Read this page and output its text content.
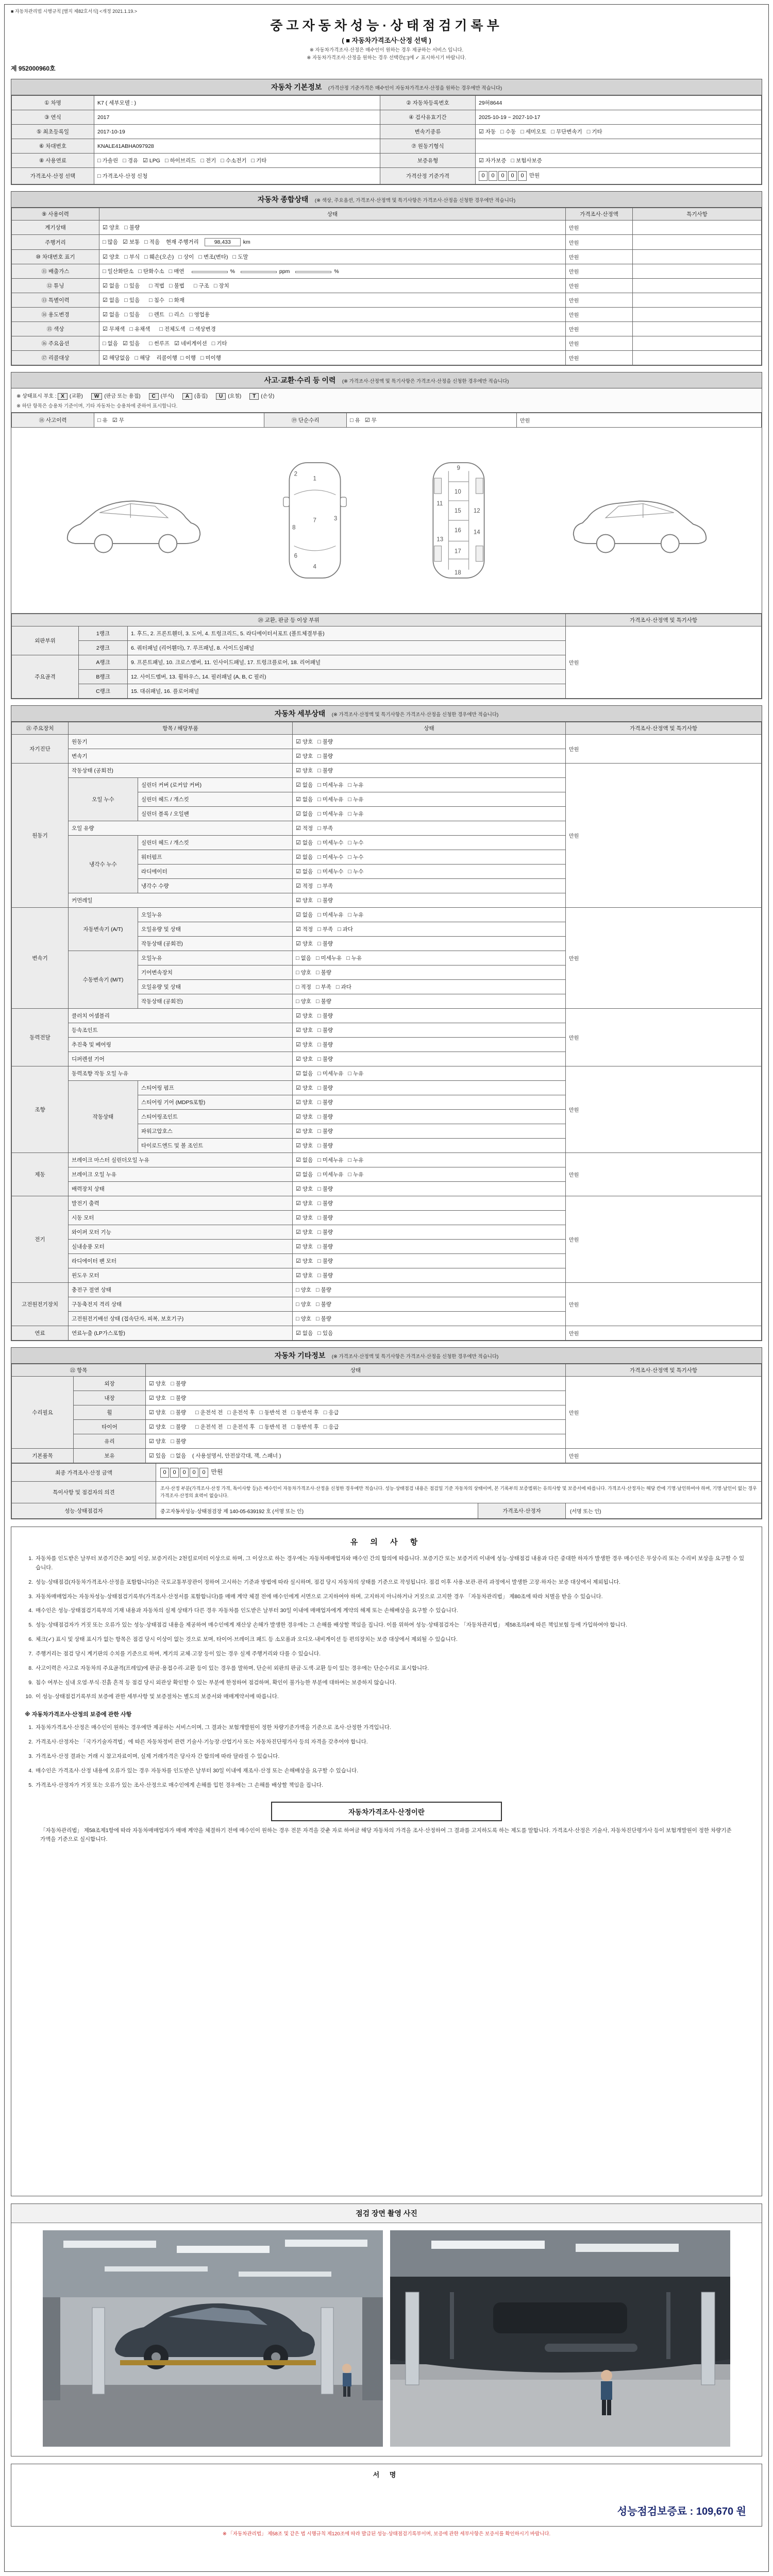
■ 자동차관리법 시행규칙 [별지 제82호서식] <개정 2021.1.19.>
중고자동차성능·상태점검기록부
( ■ 자동차가격조사·산정 선택 )
※ 자동차가격조사·산정은 매수인이 원하는 경우 제공하는 서비스 입니다.
※ 자동차가격조사·산정을 원하는 경우 선택란(□)에 ✓ 표시하시기 바랍니다.
제 952000960호
자동차 기본정보 (가격산정 기준가격은 매수인이 자동차가격조사·산정을 원하는 경우에만 적습니다)
① 차명	K7 ( 세부모델 : )	② 자동차등록번호	29허8644
③ 연식	2017	④ 검사유효기간	2025-10-19 ~ 2027-10-17
⑤ 최초등록일	2017-10-19	변속기종류	☑ 자동 □ 수동 □ 세미오토 □ 무단변속기 □ 기타
⑥ 차대번호	KNALE41ABHA097928	⑦ 원동기형식	
⑧ 사용연료	□ 가솔린 □ 경유 ☑ LPG □ 하이브리드 □ 전기 □ 수소전기 □ 기타	보증유형	☑ 자가보증 □ 보험사보증
가격조사·산정 선택	□ 가격조사·산정 신청	가격산정 기준가격	0 0 0 0 0 만원
자동차 종합상태 (※ 색상, 주요옵션, 가격조사·산정액 및 특기사항은 가격조사·산정을 신청한 경우에만 적습니다)
⑨ 사용이력	상태	가격조사·산정액	특기사항
계기상태	☑ 양호 □ 불량	만원	
주행거리	□ 많음 ☑ 보통 □ 적음 현재 주행거리 98,433 km	만원	
⑩ 차대번호 표기	☑ 양호 □ 부식 □ 훼손(오손) □ 상이 □ 변조(변타) □ 도말	만원	
⑪ 배출가스	□ 일산화탄소 □ 탄화수소 □ 매연 % ppm %	만원	
⑫ 튜닝	☑ 없음 □ 있음 □ 적법 □ 불법 □ 구조 □ 장치	만원	
⑬ 특별이력	☑ 없음 □ 있음 □ 침수 □ 화재	만원	
⑭ 용도변경	☑ 없음 □ 있음 □ 렌트 □ 리스 □ 영업용	만원	
⑮ 색상	☑ 무채색 □ 유채색 □ 전체도색 □ 색상변경	만원	
⑯ 주요옵션	□ 없음 ☑ 있음 □ 썬루프 ☑ 네비게이션 □ 기타	만원	
⑰ 리콜대상	☑ 해당없음 □ 해당 리콜이행 □ 이행 □ 미이행	만원	
사고·교환·수리 등 이력 (※ 가격조사·산정액 및 특기사항은 가격조사·산정을 신청한 경우에만 적습니다)
※ 상태표시 부호 : X (교환) W (판금 또는 용접) C (부식) A (흠집) U (요철) T (손상)
※ 하단 항목은 승용차 기준이며, 기타 자동차는 승용차에 준하여 표시합니다.
⑱ 사고이력	□ 유 ☑ 무	⑲ 단순수리	□ 유 ☑ 무	만원
1
2
3
7
4
6
8
9
10
11
12
13
14
15
16
17
18
⑳ 교환, 판금 등 이상 부위			가격조사·산정액 및 특기사항
외판부위	1랭크	1. 후드, 2. 프론트휀더, 3. 도어, 4. 트렁크리드, 5. 라디에이터서포트 (볼트체결부품)	만원
	2랭크	6. 쿼터패널 (리어휀더), 7. 루프패널, 8. 사이드실패널	
주요골격	A랭크	9. 프론트패널, 10. 크로스멤버, 11. 인사이드패널, 17. 트렁크플로어, 18. 리어패널	
	B랭크	12. 사이드멤버, 13. 휠하우스, 14. 필러패널 (A, B, C 필러)	
	C랭크	15. 대쉬패널, 16. 플로어패널	
자동차 세부상태 (※ 가격조사·산정액 및 특기사항은 가격조사·산정을 신청한 경우에만 적습니다)
㉑ 주요장치	항목 / 해당부품		상태	가격조사·산정액 및 특기사항
자기진단	원동기		☑ 양호 □ 불량	만원
	변속기		☑ 양호 □ 불량	
원동기	작동상태 (공회전)		☑ 양호 □ 불량	만원
	오일 누수	실린더 커버 (로커암 커버)	☑ 없음 □ 미세누유 □ 누유	
		실린더 헤드 / 개스킷	☑ 없음 □ 미세누유 □ 누유	
		실린더 블록 / 오일팬	☑ 없음 □ 미세누유 □ 누유	
	오일 유량		☑ 적정 □ 부족	
	냉각수 누수	실린더 헤드 / 개스킷	☑ 없음 □ 미세누수 □ 누수	
		워터펌프	☑ 없음 □ 미세누수 □ 누수	
		라디에이터	☑ 없음 □ 미세누수 □ 누수	
		냉각수 수량	☑ 적정 □ 부족	
	커먼레일		☑ 양호 □ 불량	
변속기	자동변속기 (A/T)	오일누유	☑ 없음 □ 미세누유 □ 누유	만원
		오일유량 및 상태	☑ 적정 □ 부족 □ 과다	
		작동상태 (공회전)	☑ 양호 □ 불량	
	수동변속기 (M/T)	오일누유	□ 없음 □ 미세누유 □ 누유	
		기어변속장치	□ 양호 □ 불량	
		오일유량 및 상태	□ 적정 □ 부족 □ 과다	
		작동상태 (공회전)	□ 양호 □ 불량	
동력전달	클러치 어셈블리		☑ 양호 □ 불량	만원
	등속조인트		☑ 양호 □ 불량	
	추진축 및 베어링		☑ 양호 □ 불량	
	디퍼렌셜 기어		☑ 양호 □ 불량	
조향	동력조향 작동 오일 누유		☑ 없음 □ 미세누유 □ 누유	만원
	작동상태	스티어링 펌프	☑ 양호 □ 불량	
		스티어링 기어 (MDPS포함)	☑ 양호 □ 불량	
		스티어링조인트	☑ 양호 □ 불량	
		파워고압호스	☑ 양호 □ 불량	
		타이로드엔드 및 볼 조인트	☑ 양호 □ 불량	
제동	브레이크 마스터 실린더오일 누유		☑ 없음 □ 미세누유 □ 누유	만원
	브레이크 오일 누유		☑ 없음 □ 미세누유 □ 누유	
	배력장치 상태		☑ 양호 □ 불량	
전기	발전기 출력		☑ 양호 □ 불량	만원
	시동 모터		☑ 양호 □ 불량	
	와이퍼 모터 기능		☑ 양호 □ 불량	
	실내송풍 모터		☑ 양호 □ 불량	
	라디에이터 팬 모터		☑ 양호 □ 불량	
	윈도우 모터		☑ 양호 □ 불량	
고전원전기장치	충전구 절연 상태		□ 양호 □ 불량	만원
	구동축전지 격리 상태		□ 양호 □ 불량	
	고전원전기배선 상태 (접속단자, 피복, 보호기구)		□ 양호 □ 불량	
연료	연료누출 (LP가스포함)		☑ 없음 □ 있음	만원
자동차 기타정보 (※ 가격조사·산정액 및 특기사항은 가격조사·산정을 신청한 경우에만 적습니다)
㉒ 항목		상태	가격조사·산정액 및 특기사항
수리필요	외장	☑ 양호 □ 불량	만원
	내장	☑ 양호 □ 불량	
	휠	☑ 양호 □ 불량 □ 운전석 전 □ 운전석 후 □ 동반석 전 □ 동반석 후 □ 응급	
	타이어	☑ 양호 □ 불량 □ 운전석 전 □ 운전석 후 □ 동반석 전 □ 동반석 후 □ 응급	
	유리	☑ 양호 □ 불량	
기본품목	보유	☑ 있음 □ 없음 ( 사용설명서, 안전삼각대, 잭, 스패너 )	만원
최종 가격조사·산정 금액	0 0 0 0 0 만원		
특이사항 및 점검자의 의견	조사·산정 부분(가격조사·산정 가격, 특이사항 등)은 매수인이 자동차가격조사·산정을 신청한 경우에만 적습니다. 성능·상태점검 내용은 점검일 기준 자동차의 상태이며, 본 기록부의 보증범위는 유의사항 및 보증서에 따릅니다. 가격조사·산정자는 해당 칸에 기명·날인하여야 하며, 기명·날인이 없는 경우 가격조사·산정의 효력이 없습니다.		
성능·상태점검자	중고자동차성능·상태점검장 제 140-05-639192 호 (서명 또는 인)	가격조사·산정자	(서명 또는 인)
유 의 사 항
1. 자동차를 인도받은 날부터 보증기간은 30일 이상, 보증거리는 2천킬로미터 이상으로 하며, 그 이상으로 하는 경우에는 자동차매매업자와 매수인 간의 합의에 따릅니다. 보증기간 또는 보증거리 이내에 성능·상태점검 내용과 다른 중대한 하자가 발생한 경우 매수인은 무상수리 또는 수리비 보상을 요구할 수 있습니다.
2. 성능·상태점검(자동차가격조사·산정을 포함합니다)은 국토교통부장관이 정하여 고시하는 기준과 방법에 따라 실시하며, 점검 당시 자동차의 상태를 기준으로 작성됩니다. 점검 이후 사용·보관·관리 과정에서 발생한 고장·하자는 보증 대상에서 제외됩니다.
3. 자동차매매업자는 자동차성능·상태점검기록부(가격조사·산정서를 포함합니다)를 매매 계약 체결 전에 매수인에게 서면으로 고지하여야 하며, 고지하지 아니하거나 거짓으로 고지한 경우 「자동차관리법」 제80조에 따라 처벌을 받을 수 있습니다.
4. 매수인은 성능·상태점검기록부의 기재 내용과 자동차의 실제 상태가 다른 경우 자동차를 인도받은 날부터 30일 이내에 매매업자에게 계약의 해제 또는 손해배상을 요구할 수 있습니다.
5. 성능·상태점검자가 거짓 또는 오류가 있는 성능·상태점검 내용을 제공하여 매수인에게 재산상 손해가 발생한 경우에는 그 손해를 배상할 책임을 집니다. 이를 위하여 성능·상태점검자는 「자동차관리법」 제58조의4에 따른 책임보험 등에 가입하여야 합니다.
6. 체크(✓) 표시 및 상태 표시가 없는 항목은 점검 당시 이상이 없는 것으로 보며, 타이어·브레이크 패드 등 소모품과 오디오·내비게이션 등 편의장치는 보증 대상에서 제외될 수 있습니다.
7. 주행거리는 점검 당시 계기판의 수치를 기준으로 하며, 계기의 교체·고장 등이 있는 경우 실제 주행거리와 다를 수 있습니다.
8. 사고이력은 사고로 자동차의 주요골격(프레임)에 판금·용접수리·교환 등이 있는 경우를 말하며, 단순히 외판의 판금·도색·교환 등이 있는 경우에는 단순수리로 표시합니다.
9. 침수 여부는 실내 오염·부식·진흙 흔적 등 점검 당시 외관상 확인할 수 있는 부분에 한정하여 점검하며, 확인이 불가능한 부분에 대하여는 보증하지 않습니다.
10. 이 성능·상태점검기록부의 보증에 관한 세부사항 및 보증절차는 별도의 보증서와 매매계약서에 따릅니다.
※ 자동차가격조사·산정의 보증에 관한 사항
1. 자동차가격조사·산정은 매수인이 원하는 경우에만 제공하는 서비스이며, 그 결과는 보험개발원이 정한 차량기준가액을 기준으로 조사·산정한 가격입니다.
2. 가격조사·산정자는 「국가기술자격법」에 따른 자동차정비 관련 기술사·기능장·산업기사 또는 자동차진단평가사 등의 자격을 갖추어야 합니다.
3. 가격조사·산정 결과는 거래 시 참고자료이며, 실제 거래가격은 당사자 간 합의에 따라 달라질 수 있습니다.
4. 매수인은 가격조사·산정 내용에 오류가 있는 경우 자동차를 인도받은 날부터 30일 이내에 재조사·산정 또는 손해배상을 요구할 수 있습니다.
5. 가격조사·산정자가 거짓 또는 오류가 있는 조사·산정으로 매수인에게 손해를 입힌 경우에는 그 손해를 배상할 책임을 집니다.
자동차가격조사·산정이란
「자동차관리법」 제58조제1항에 따라 자동차매매업자가 매매 계약을 체결하기 전에 매수인이 원하는 경우 전문 자격을 갖춘 자로 하여금 해당 자동차의 가격을 조사·산정하여 그 결과를 고지하도록 하는 제도를 말합니다. 가격조사·산정은 기술사, 자동차진단평가사 등이 보험개발원이 정한 차량기준가액을 기준으로 실시합니다.
점검 장면 촬영 사진
서 명
성능점검보증료 : 109,670 원
※ 「자동차관리법」 제58조 및 같은 법 시행규칙 제120조에 따라 발급된 성능·상태점검기록부이며, 보증에 관한 세부사항은 보증서를 확인하시기 바랍니다.
